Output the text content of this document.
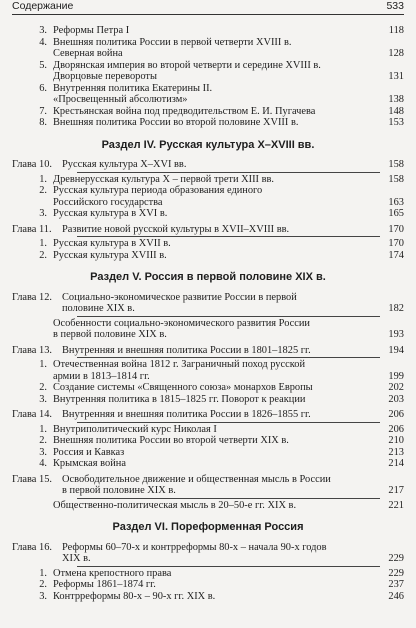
Содержание	533
3. Реформы Петра I	118
4. Внешняя политика России в первой четверти XVIII в.
Северная война	128
5. Дворянская империя во второй четверти и середине XVIII в.
Дворцовые перевороты	131
6. Внутренняя политика Екатерины II.
«Просвещенный абсолютизм»	138
7. Крестьянская война под предводительством Е. И. Пугачева	148
8. Внешняя политика России во второй половине XVIII в.	153
Раздел IV. Русская культура X–XVIII вв.
Глава 10. Русская культура X–XVI вв.	158
1. Древнерусская культура X – первой трети XIII вв.	158
2. Русская культура периода образования единого
Российского государства	163
3. Русская культура в XVI в.	165
Глава 11. Развитие новой русской культуры в XVII–XVIII вв.	170
1. Русская культура в XVII в.	170
2. Русская культура XVIII в.	174
Раздел V. Россия в первой половине XIX в.
Глава 12. Социально-экономическое развитие России в первой
половине XIX в.	182
Особенности социально-экономического развития России
в первой половине XIX в.	193
Глава 13. Внутренняя и внешняя политика России в 1801–1825 гг.	194
1. Отечественная война 1812 г. Заграничный поход русской
армии в 1813–1814 гг.	199
2. Создание системы «Священного союза» монархов Европы	202
3. Внутренняя политика в 1815–1825 гг. Поворот к реакции	203
Глава 14. Внутренняя и внешняя политика России в 1826–1855 гг.	206
1. Внутриполитический курс Николая I	206
2. Внешняя политика России во второй четверти XIX в.	210
3. Россия и Кавказ	213
4. Крымская война	214
Глава 15. Освободительное движение и общественная мысль в России
в первой половине XIX в.	217
Общественно-политическая мысль в 20–50-е гг. XIX в.	221
Раздел VI. Пореформенная Россия
Глава 16. Реформы 60–70-х и контрреформы 80-х – начала 90-х годов
XIX в.	229
1. Отмена крепостного права	229
2. Реформы 1861–1874 гг.	237
3. Контрреформы 80-х – 90-х гг. XIX в.	246
